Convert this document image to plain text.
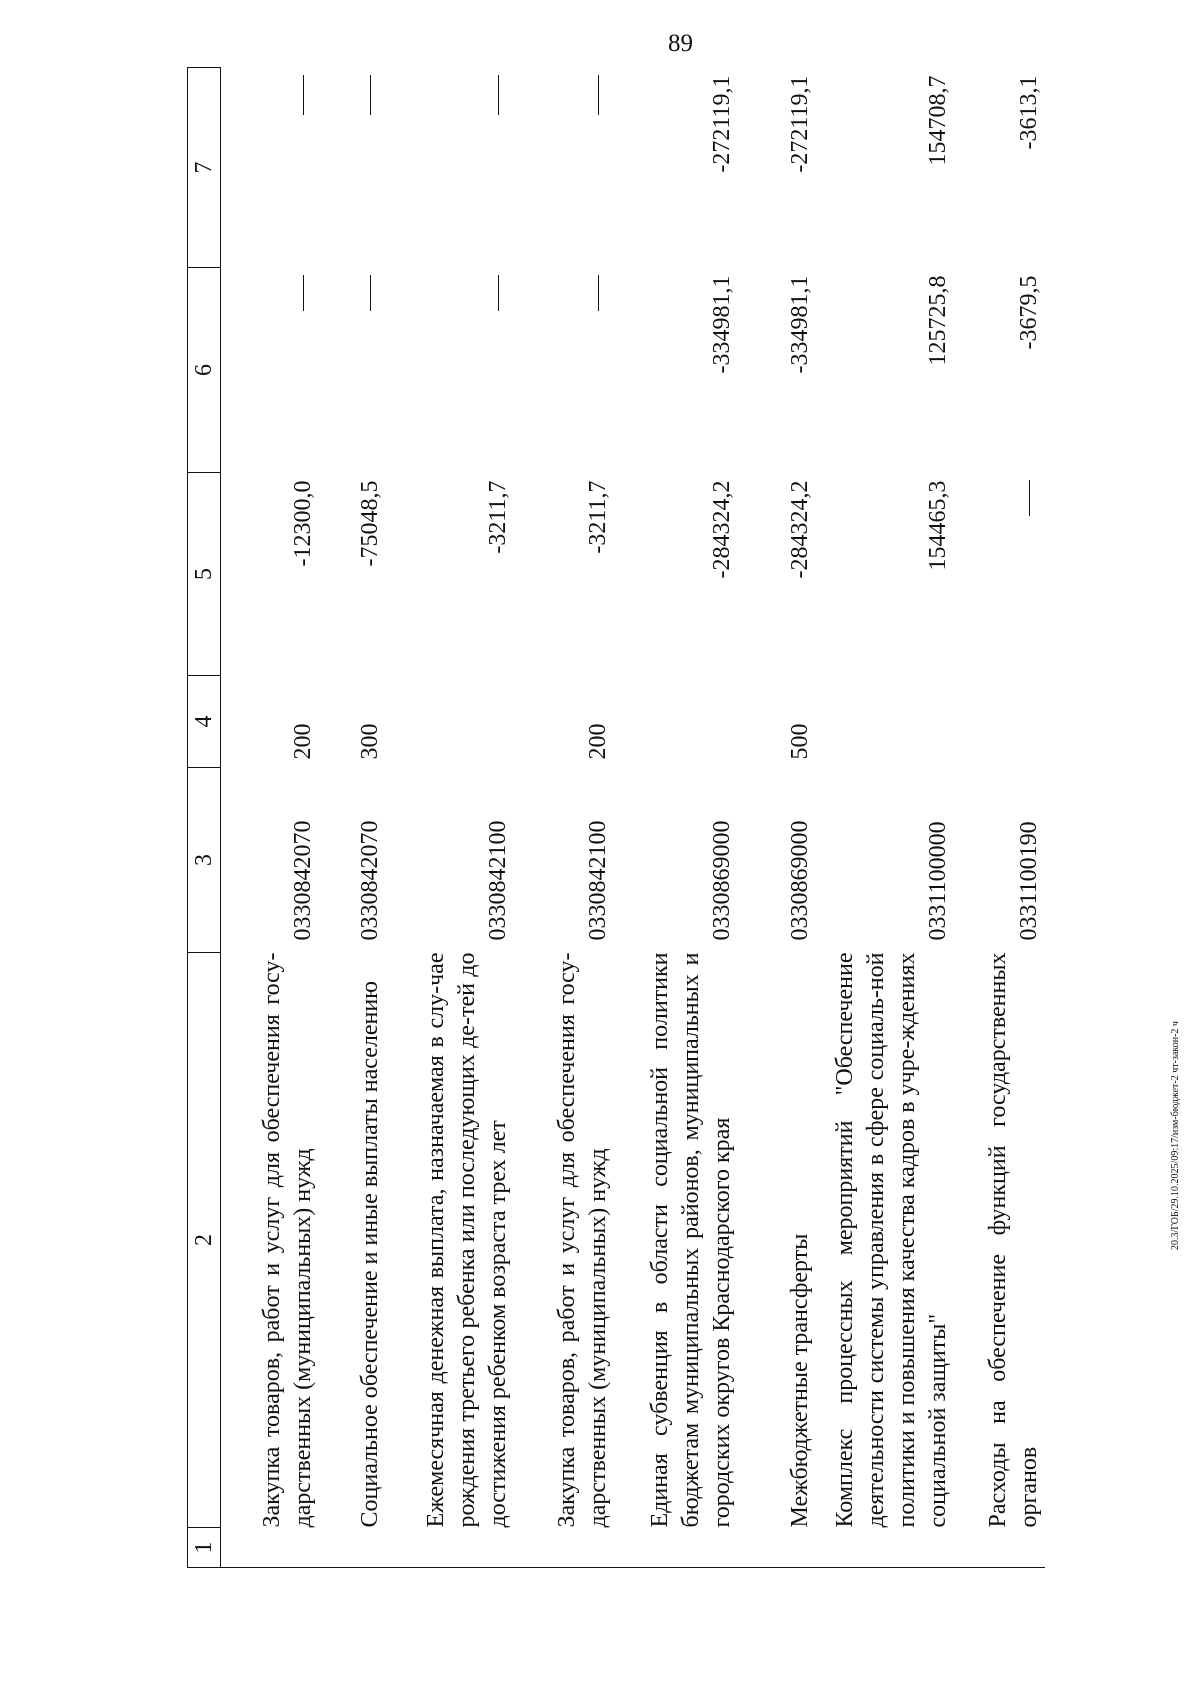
89
20.3/ГОБ/29.10.2025/09:17/изм-бюджет-2 чт-закон-2 ч
1	2	3	4	5	6	7
	Закупка товаров, работ и услуг для обеспечения госу-дарственных (муниципальных) нужд	0330842070	200	-12300,0		
	Социальное обеспечение и иные выплаты населению	0330842070	300	-75048,5		
	Ежемесячная денежная выплата, назначаемая в слу-чае рождения третьего ребенка или последующих де-тей до достижения ребенком возраста трех лет	0330842100		-3211,7		
	Закупка товаров, работ и услуг для обеспечения госу-дарственных (муниципальных) нужд	0330842100	200	-3211,7		
	Единая субвенция в области социальной политики бюджетам муниципальных районов, муниципальных и городских округов Краснодарского края	0330869000		-284324,2	-334981,1	-272119,1
	Межбюджетные трансферты	0330869000	500	-284324,2	-334981,1	-272119,1
	Комплекс процессных мероприятий "Обеспечение деятельности системы управления в сфере социаль-ной политики и повышения качества кадров в учре-ждениях социальной защиты"	0331100000		154465,3	125725,8	154708,7
	Расходы на обеспечение функций государственных органов	0331100190			-3679,5	-3613,1
